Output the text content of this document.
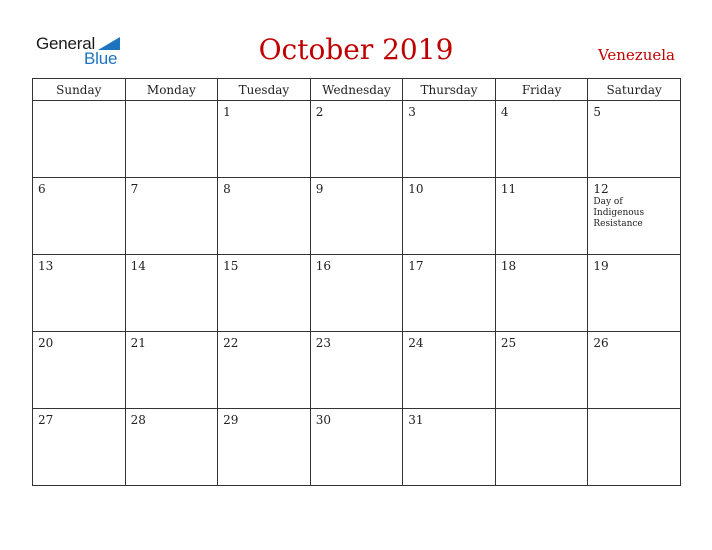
General
Blue	October 2019	Venezuela
Sunday	Monday	Tuesday	Wednesday	Thursday	Friday	Saturday

		1	2	3	4	5

6	7	8	9	10	11	12
Day of Indigenous Resistance

13	14	15	16	17	18	19

20	21	22	23	24	25	26

27	28	29	30	31		
